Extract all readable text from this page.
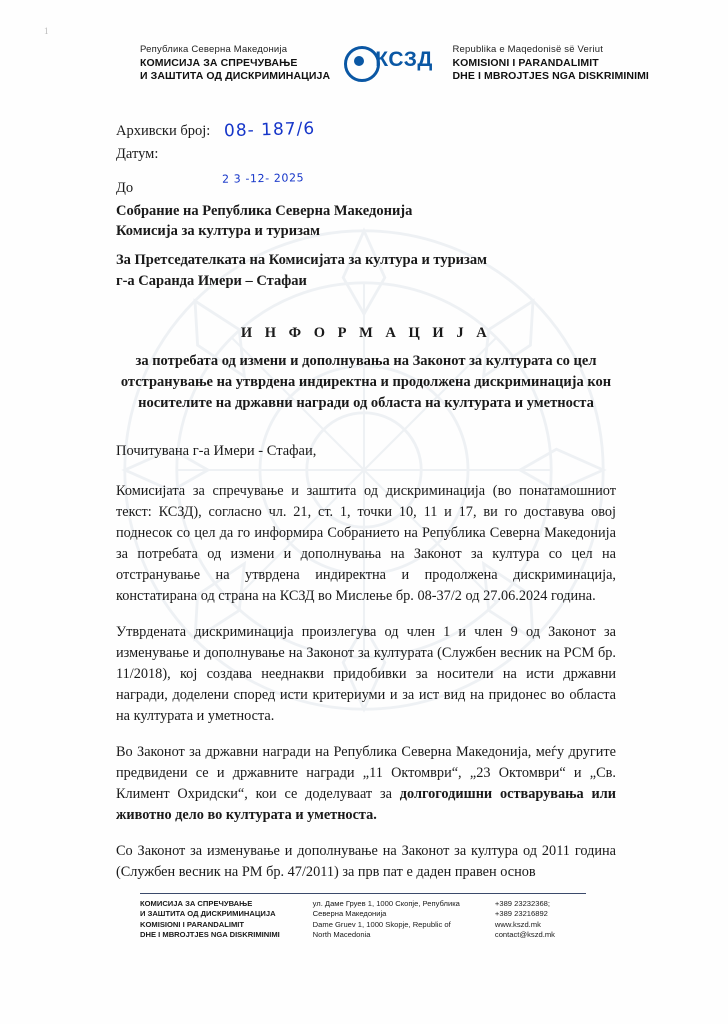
1
Република Северна Македонија
КОМИСИЈА ЗА СПРЕЧУВАЊЕ
И ЗАШТИТА ОД ДИСКРИМИНАЦИЈА
КСЗД	Republika e Maqedonisë së Veriut
KOMISIONI I PARANDALIMIT
DHE I MBROJTJES NGA DISKRIMINIMI
Архивски број: 08- 187/6
Датум:
2 3 -12- 2025
До
Собрание на Република Северна Македонија
Комисија за култура и туризам
За Претседателката на Комисијата за култура и туризам
г-а Саранда Имери – Стафаи
И Н Ф О Р М А Ц И Ј А
за потребата од измени и дополнувања на Законот за културата со цел отстранување на утврдена индиректна и продолжена дискриминација кон носителите на државни награди од областа на културата и уметноста
Почитувана г-а Имери - Стафаи,

Комисијата за спречување и заштита од дискриминација (во понатамошниот текст: КСЗД), согласно чл. 21, ст. 1, точки 10, 11 и 17, ви го доставува овој поднесок со цел да го информира Собранието на Република Северна Македонија за потребата од измени и дополнувања на Законот за култура со цел на отстранување на утврдена индиректна и продолжена дискриминација, констатирана од страна на КСЗД во Мислење бр. 08-37/2 од 27.06.2024 година.

Утврдената дискриминација произлегува од член 1 и член 9 од Законот за изменување и дополнување на Законот за културата (Службен весник на РСМ бр. 11/2018), кој создава нееднакви придобивки за носители на исти државни награди, доделени според исти критериуми и за ист вид на придонес во областа на културата и уметноста.

Во Законот за државни награди на Република Северна Македонија, меѓу другите предвидени се и државните награди „11 Октомври“, „23 Октомври“ и „Св. Климент Охридски“, кои се доделуваат за долгогодишни остварувања или животно дело во културата и уметноста.

Со Законот за изменување и дополнување на Законот за култура од 2011 година (Службен весник на РМ бр. 47/2011) за прв пат е даден правен основ

КОМИСИЈА ЗА СПРЕЧУВАЊЕ
И ЗАШТИТА ОД ДИСКРИМИНАЦИЈА
KOMISIONI I PARANDALIMIT
DHE I MBROJTJES NGA DISKRIMINIMI
ул. Даме Груев 1, 1000 Скопје, Република
Северна Македонија
Dame Gruev 1, 1000 Skopje, Republic of
North Macedonia
+389 23232368;
+389 23216892
www.kszd.mk
contact@kszd.mk
